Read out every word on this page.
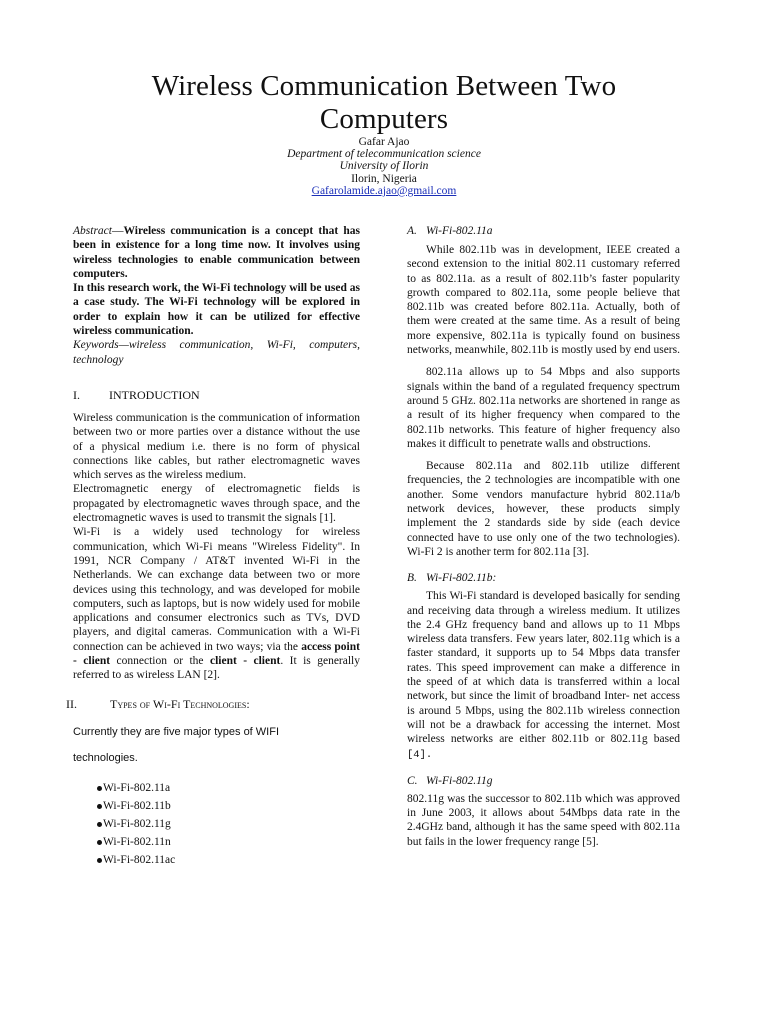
Wireless Communication Between Two Computers
Gafar Ajao
Department of telecommunication science
University of Ilorin
Ilorin, Nigeria
Gafarolamide.ajao@gmail.com

Abstract—Wireless communication is a concept that has been in existence for a long time now. It involves using wireless technologies to enable communication between computers.

In this research work, the Wi-Fi technology will be used as a case study. The Wi-Fi technology will be explored in order to explain how it can be utilized for effective wireless communication.

Keywords—wireless communication, Wi-Fi, computers, technology

I.	INTRODUCTION

Wireless communication is the communication of information between two or more parties over a distance without the use of a physical medium i.e. there is no form of physical connections like cables, but rather electromagnetic waves which serves as the wireless medium.

Electromagnetic energy of electromagnetic fields is propagated by electromagnetic waves through space, and the electromagnetic waves is used to transmit the signals [1].

Wi-Fi is a widely used technology for wireless communication, which Wi-Fi means "Wireless Fidelity". In 1991, NCR Company / AT&T invented Wi-Fi in the Netherlands. We can exchange data between two or more devices using this technology, and was developed for mobile computers, such as laptops, but is now widely used for mobile applications and consumer electronics such as TVs, DVD players, and digital cameras. Communication with a Wi-Fi connection can be achieved in two ways; via the access point - client connection or the client - client. It is generally referred to as wireless LAN [2].

II.	Types of Wi-Fi Technologies:
Currently they are five major types of WIFI
technologies.
Wi-Fi-802.11a
Wi-Fi-802.11b
Wi-Fi-802.11g
Wi-Fi-802.11n
Wi-Fi-802.11ac
A. Wi-Fi-802.11a

While 802.11b was in development, IEEE created a second extension to the initial 802.11 customary referred to as 802.11a. as a result of 802.11b’s faster popularity growth compared to 802.11a, some people believe that 802.11b was created before 802.11a. Actually, both of them were created at the same time. As a result of being more expensive, 802.11a is typically found on business networks, meanwhile, 802.11b is mostly used by end users.

802.11a allows up to 54 Mbps and also supports signals within the band of a regulated frequency spectrum around 5 GHz. 802.11a networks are shortened in range as a result of its higher frequency when compared to the 802.11b networks. This feature of higher frequency also makes it difficult to penetrate walls and obstructions.

Because 802.11a and 802.11b utilize different frequencies, the 2 technologies are incompatible with one another. Some vendors manufacture hybrid 802.11a/b network devices, however, these products simply implement the 2 standards side by side (each device connected have to use only one of the two technologies). Wi-Fi 2 is another term for 802.11a [3].

B. Wi-Fi-802.11b:

This Wi-Fi standard is developed basically for sending and receiving data through a wireless medium. It utilizes the 2.4 GHz frequency band and allows up to 11 Mbps wireless data transfers. Few years later, 802.11g which is a faster standard, it supports up to 54 Mbps data transfer rates. This speed improvement can make a difference in the speed of at which data is transferred within a local network, but since the limit of broadband Inter- net access is around 5 Mbps, using the 802.11b wireless connection will not be a drawback for accessing the internet. Most wireless networks are either 802.11b or 802.11g based [4].

C. Wi-Fi-802.11g

802.11g was the successor to 802.11b which was approved in June 2003, it allows about 54Mbps data rate in the 2.4GHz band, although it has the same speed with 802.11a but fails in the lower frequency range [5].
